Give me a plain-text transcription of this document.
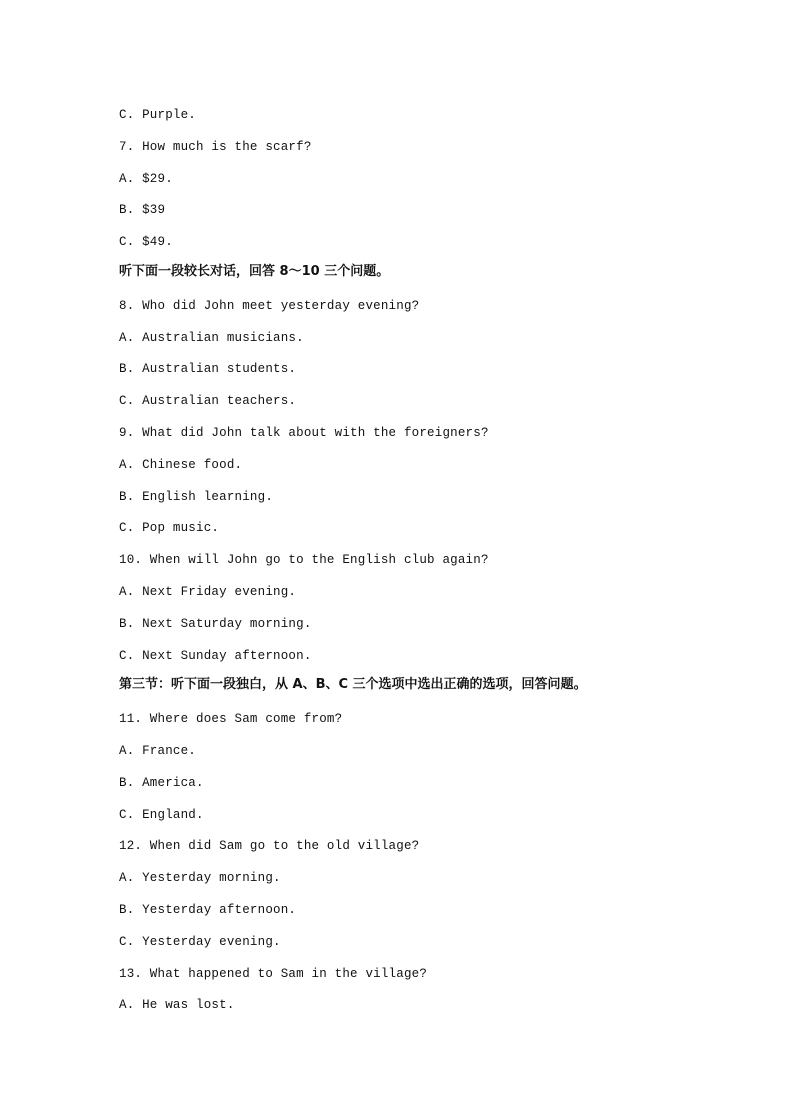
C. Purple.
7. How much is the scarf?
A. $29.
B. $39
C. $49.
听下面一段较长对话，回答 8～10 三个问题。
8. Who did John meet yesterday evening?
A. Australian musicians.
B. Australian students.
C. Australian teachers.
9. What did John talk about with the foreigners?
A. Chinese food.
B. English learning.
C. Pop music.
10. When will John go to the English club again?
A. Next Friday evening.
B. Next Saturday morning.
C. Next Sunday afternoon.
第三节：听下面一段独白，从 A、B、C 三个选项中选出正确的选项，回答问题。
11. Where does Sam come from?
A. France.
B. America.
C. England.
12. When did Sam go to the old village?
A. Yesterday morning.
B. Yesterday afternoon.
C. Yesterday evening.
13. What happened to Sam in the village?
A. He was lost.
